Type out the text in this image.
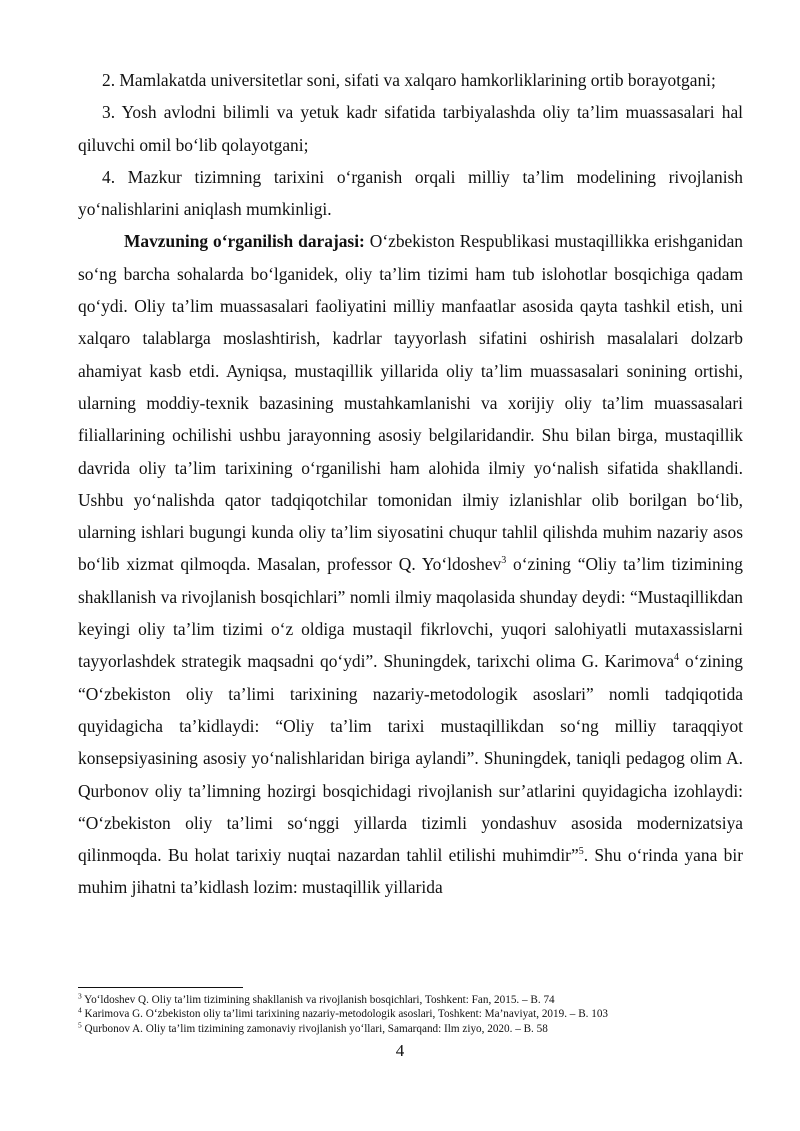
2. Mamlakatda universitetlar soni, sifati va xalqaro hamkorliklarining ortib borayotgani;

3. Yosh avlodni bilimli va yetuk kadr sifatida tarbiyalashda oliy ta’lim muassasalari hal qiluvchi omil bo‘lib qolayotgani;

4. Mazkur tizimning tarixini o‘rganish orqali milliy ta’lim modelining rivojlanish yo‘nalishlarini aniqlash mumkinligi.

Mavzuning o‘rganilish darajasi: O‘zbekiston Respublikasi mustaqillikka erishganidan so‘ng barcha sohalarda bo‘lganidek, oliy ta’lim tizimi ham tub islohotlar bosqichiga qadam qo‘ydi. Oliy ta’lim muassasalari faoliyatini milliy manfaatlar asosida qayta tashkil etish, uni xalqaro talablarga moslashtirish, kadrlar tayyorlash sifatini oshirish masalalari dolzarb ahamiyat kasb etdi. Ayniqsa, mustaqillik yillarida oliy ta’lim muassasalari sonining ortishi, ularning moddiy-texnik bazasining mustahkamlanishi va xorijiy oliy ta’lim muassasalari filiallarining ochilishi ushbu jarayonning asosiy belgilaridandir. Shu bilan birga, mustaqillik davrida oliy ta’lim tarixining o‘rganilishi ham alohida ilmiy yo‘nalish sifatida shakllandi. Ushbu yo‘nalishda qator tadqiqotchilar tomonidan ilmiy izlanishlar olib borilgan bo‘lib, ularning ishlari bugungi kunda oliy ta’lim siyosatini chuqur tahlil qilishda muhim nazariy asos bo‘lib xizmat qilmoqda. Masalan, professor Q. Yo‘ldoshev$^3$ o‘zining “Oliy ta’lim tizimining shakllanish va rivojlanish bosqichlari” nomli ilmiy maqolasida shunday deydi: “Mustaqillikdan keyingi oliy ta’lim tizimi o‘z oldiga mustaqil fikrlovchi, yuqori salohiyatli mutaxassislarni tayyorlashdek strategik maqsadni qo‘ydi”. Shuningdek, tarixchi olima G. Karimova$^4$ o‘zining “O‘zbekiston oliy ta’limi tarixining nazariy-metodologik asoslari” nomli tadqiqotida quyidagicha ta’kidlaydi: “Oliy ta’lim tarixi mustaqillikdan so‘ng milliy taraqqiyot konsepsiyasining asosiy yo‘nalishlaridan biriga aylandi”. Shuningdek, taniqli pedagog olim A. Qurbonov oliy ta’limning hozirgi bosqichidagi rivojlanish sur’atlarini quyidagicha izohlaydi: “O‘zbekiston oliy ta’limi so‘nggi yillarda tizimli yondashuv asosida modernizatsiya qilinmoqda. Bu holat tarixiy nuqtai nazardan tahlil etilishi muhimdir”$^5$. Shu o‘rinda yana bir muhim jihatni ta’kidlash lozim: mustaqillik yillarida

$^3$ Yo‘ldoshev Q. Oliy ta’lim tizimining shakllanish va rivojlanish bosqichlari, Toshkent: Fan, 2015. – B. 74

$^4$ Karimova G. O‘zbekiston oliy ta’limi tarixining nazariy-metodologik asoslari, Toshkent: Ma’naviyat, 2019. – B. 103

$^5$ Qurbonov A. Oliy ta’lim tizimining zamonaviy rivojlanish yo‘llari, Samarqand: Ilm ziyo, 2020. – B. 58

4
